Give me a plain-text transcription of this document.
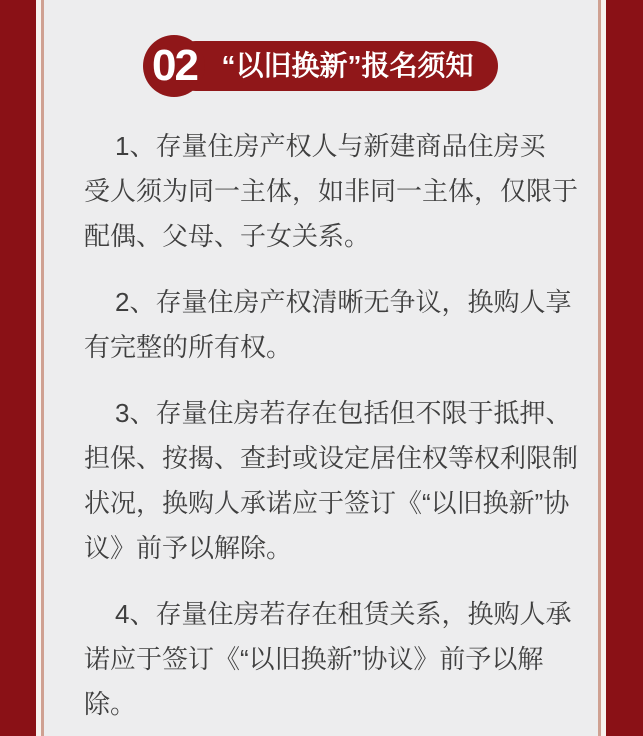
02 “以旧换新”报名须知

1、存量住房产权人与新建商品住房买
受人须为同一主体，如非同一主体，仅限于
配偶、父母、子女关系。

2、存量住房产权清晰无争议，换购人享
有完整的所有权。

3、存量住房若存在包括但不限于抵押、
担保、按揭、查封或设定居住权等权利限制
状况，换购人承诺应于签订《“以旧换新”协
议》前予以解除。

4、存量住房若存在租赁关系，换购人承
诺应于签订《“以旧换新”协议》前予以解
除。
